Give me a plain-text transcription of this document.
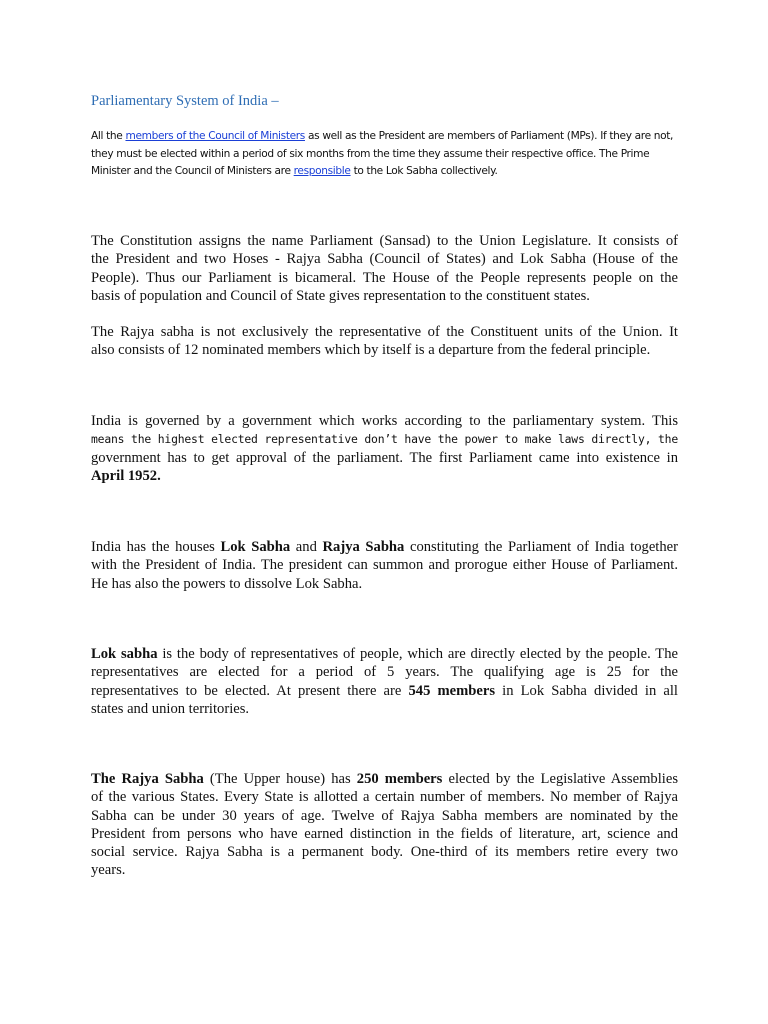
Parliamentary System of India –

All the members of the Council of Ministers as well as the President are members of Parliament (MPs). If they are not, they must be elected within a period of six months from the time they assume their respective office. The Prime Minister and the Council of Ministers are responsible to the Lok Sabha collectively.

The Constitution assigns the name Parliament (Sansad) to the Union Legislature. It consists of
the President and two Hoses - Rajya Sabha (Council of States) and Lok Sabha (House of the
People). Thus our Parliament is bicameral. The House of the People represents people on the
basis of population and Council of State gives representation to the constituent states.

The Rajya sabha is not exclusively the representative of the Constituent units of the Union. It
also consists of 12 nominated members which by itself is a departure from the federal principle.

India is governed by a government which works according to the parliamentary system. This
means the highest elected representative don’t have the power to make laws directly, the
government has to get approval of the parliament. The first Parliament came into existence in
April 1952.

India has the houses Lok Sabha and Rajya Sabha constituting the Parliament of India together
with the President of India. The president can summon and prorogue either House of Parliament.
He has also the powers to dissolve Lok Sabha.

Lok sabha is the body of representatives of people, which are directly elected by the people. The
representatives are elected for a period of 5 years. The qualifying age is 25 for the
representatives to be elected. At present there are 545 members in Lok Sabha divided in all
states and union territories.

The Rajya Sabha (The Upper house) has 250 members elected by the Legislative Assemblies
of the various States. Every State is allotted a certain number of members. No member of Rajya
Sabha can be under 30 years of age. Twelve of Rajya Sabha members are nominated by the
President from persons who have earned distinction in the fields of literature, art, science and
social service. Rajya Sabha is a permanent body. One-third of its members retire every two
years.
